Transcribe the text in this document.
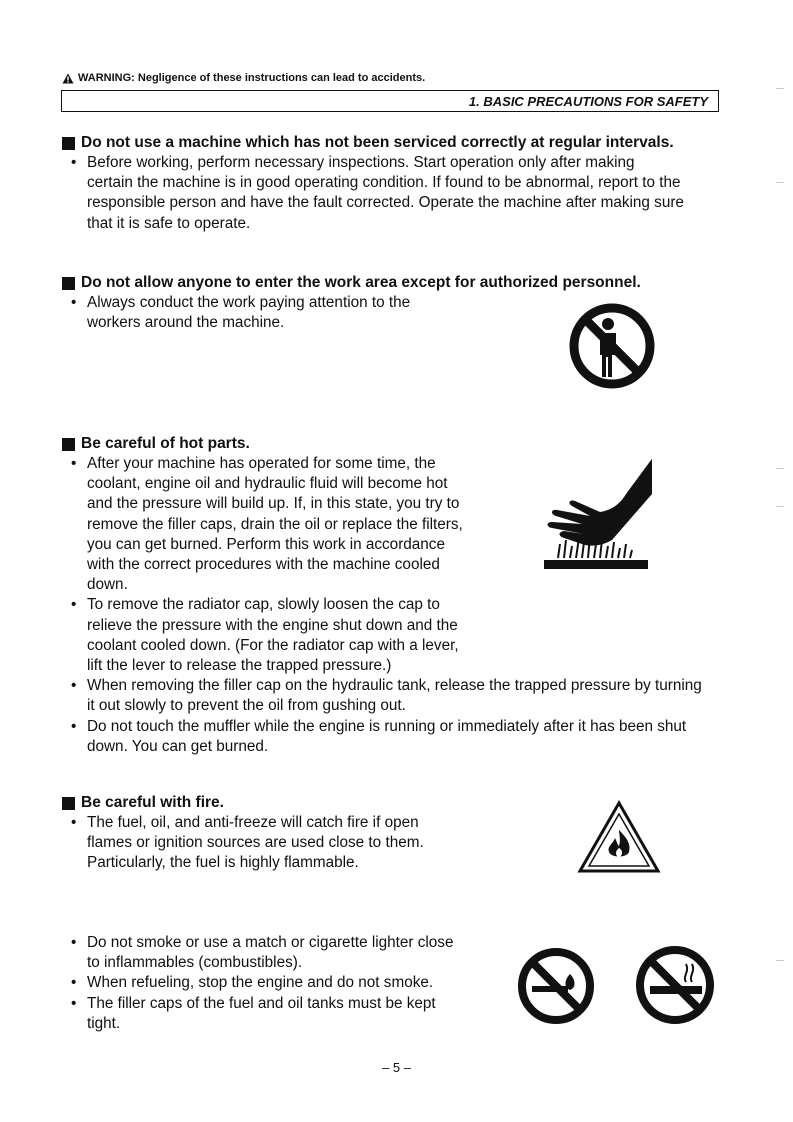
WARNING: Negligence of these instructions can lead to accidents.
1. BASIC PRECAUTIONS FOR SAFETY
Do not use a machine which has not been serviced correctly at regular intervals.
• Before working, perform necessary inspections. Start operation only after making
certain the machine is in good operating condition. If found to be abnormal, report to the
responsible person and have the fault corrected. Operate the machine after making sure
that it is safe to operate.
Do not allow anyone to enter the work area except for authorized personnel.
• Always conduct the work paying attention to the
workers around the machine.
Be careful of hot parts.
• After your machine has operated for some time, the
coolant, engine oil and hydraulic fluid will become hot
and the pressure will build up. If, in this state, you try to
remove the filler caps, drain the oil or replace the filters,
you can get burned. Perform this work in accordance
with the correct procedures with the machine cooled
down.
• To remove the radiator cap, slowly loosen the cap to
relieve the pressure with the engine shut down and the
coolant cooled down. (For the radiator cap with a lever,
lift the lever to release the trapped pressure.)
• When removing the filler cap on the hydraulic tank, release the trapped pressure by turning
it out slowly to prevent the oil from gushing out.
• Do not touch the muffler while the engine is running or immediately after it has been shut
down. You can get burned.
Be careful with fire.
• The fuel, oil, and anti-freeze will catch fire if open
flames or ignition sources are used close to them.
Particularly, the fuel is highly flammable.
• Do not smoke or use a match or cigarette lighter close
to inflammables (combustibles).
• When refueling, stop the engine and do not smoke.
• The filler caps of the fuel and oil tanks must be kept
tight.
– 5 –
